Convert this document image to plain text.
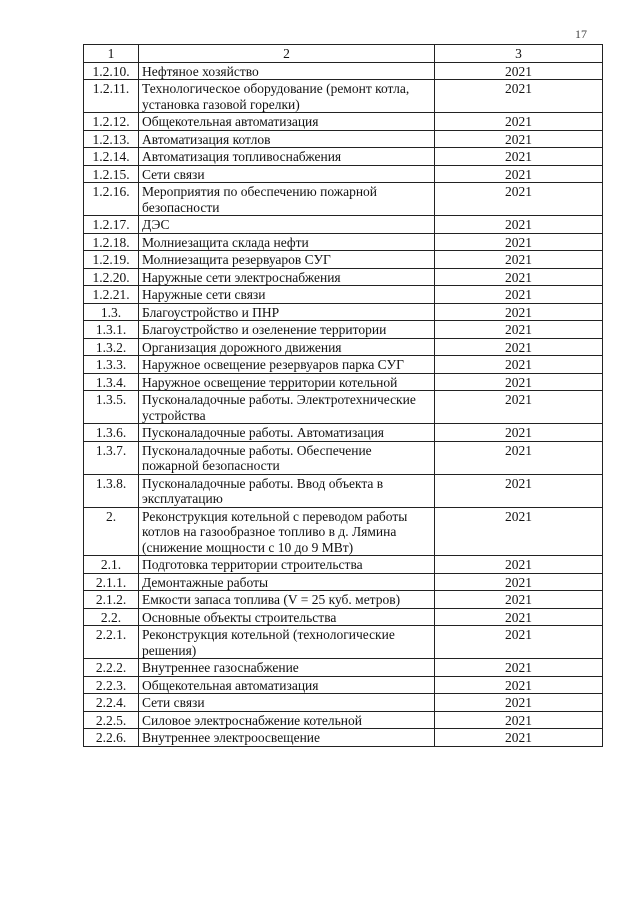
17
1	2	3
1.2.10.	Нефтяное хозяйство	2021
1.2.11.	Технологическое оборудование (ремонт котла, установка газовой горелки)	2021
1.2.12.	Общекотельная автоматизация	2021
1.2.13.	Автоматизация котлов	2021
1.2.14.	Автоматизация топливоснабжения	2021
1.2.15.	Сети связи	2021
1.2.16.	Мероприятия по обеспечению пожарной безопасности	2021
1.2.17.	ДЭС	2021
1.2.18.	Молниезащита склада нефти	2021
1.2.19.	Молниезащита резервуаров СУГ	2021
1.2.20.	Наружные сети электроснабжения	2021
1.2.21.	Наружные сети связи	2021
1.3.	Благоустройство и ПНР	2021
1.3.1.	Благоустройство и озеленение территории	2021
1.3.2.	Организация дорожного движения	2021
1.3.3.	Наружное освещение резервуаров парка СУГ	2021
1.3.4.	Наружное освещение территории котельной	2021
1.3.5.	Пусконаладочные работы. Электротехнические устройства	2021
1.3.6.	Пусконаладочные работы. Автоматизация	2021
1.3.7.	Пусконаладочные работы. Обеспечение пожарной безопасности	2021
1.3.8.	Пусконаладочные работы. Ввод объекта в эксплуатацию	2021
2.	Реконструкция котельной с переводом работы котлов на газообразное топливо в д. Лямина (снижение мощности с 10 до 9 МВт)	2021
2.1.	Подготовка территории строительства	2021
2.1.1.	Демонтажные работы	2021
2.1.2.	Емкости запаса топлива (V = 25 куб. метров)	2021
2.2.	Основные объекты строительства	2021
2.2.1.	Реконструкция котельной (технологические решения)	2021
2.2.2.	Внутреннее газоснабжение	2021
2.2.3.	Общекотельная автоматизация	2021
2.2.4.	Сети связи	2021
2.2.5.	Силовое электроснабжение котельной	2021
2.2.6.	Внутреннее электроосвещение	2021
